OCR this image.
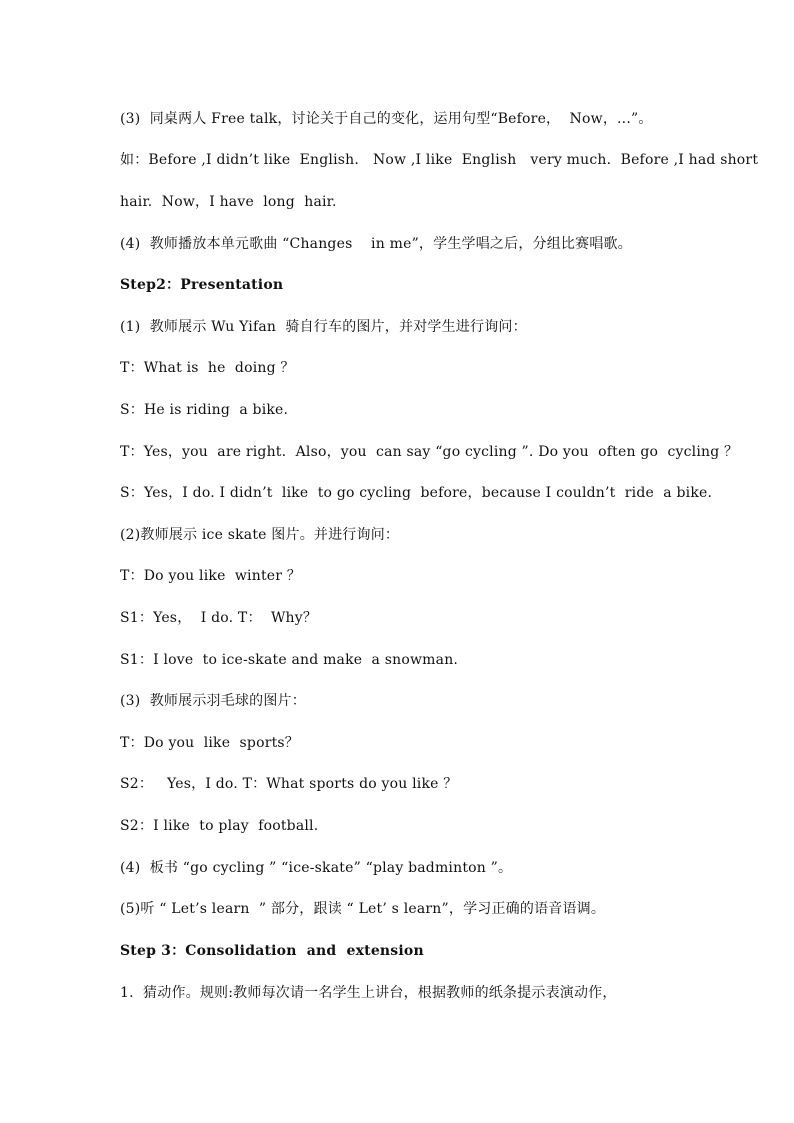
(3)  同桌两人 Free talk，讨论关于自己的变化，运用句型“Before，  Now，...”。
如：Before ,I didn’t like  English.   Now ,I like  English   very much.  Before ,I had short
hair.  Now，I have  long  hair.
(4)  教师播放本单元歌曲 “Changes    in me”，学生学唱之后，分组比赛唱歌。
Step2：Presentation
(1)  教师展示 Wu Yifan  骑自行车的图片，并对学生进行询问：
T：What is  he  doing ？
S：He is riding  a bike.
T：Yes，you  are right.  Also，you  can say “go cycling ”. Do you  often go  cycling ？
S：Yes，I do. I didn’t  like  to go cycling  before，because I couldn’t  ride  a bike.
(2)教师展示 ice skate 图片。并进行询问：
T：Do you like  winter ？
S1：Yes，  I do. T：  Why？
S1：I love  to ice-skate and make  a snowman.
(3)  教师展示羽毛球的图片：
T：Do you  like  sports？
S2：   Yes，I do. T：What sports do you like ？
S2：I like  to play  football.
(4)  板书 “go cycling ” “ice-skate” “play badminton ”。
(5)听 “ Let’s learn  ” 部分，跟读 “ Let’ s learn”，学习正确的语音语调。
Step 3：Consolidation  and  extension
1.  猜动作。规则:教师每次请一名学生上讲台，根据教师的纸条提示表演动作，
